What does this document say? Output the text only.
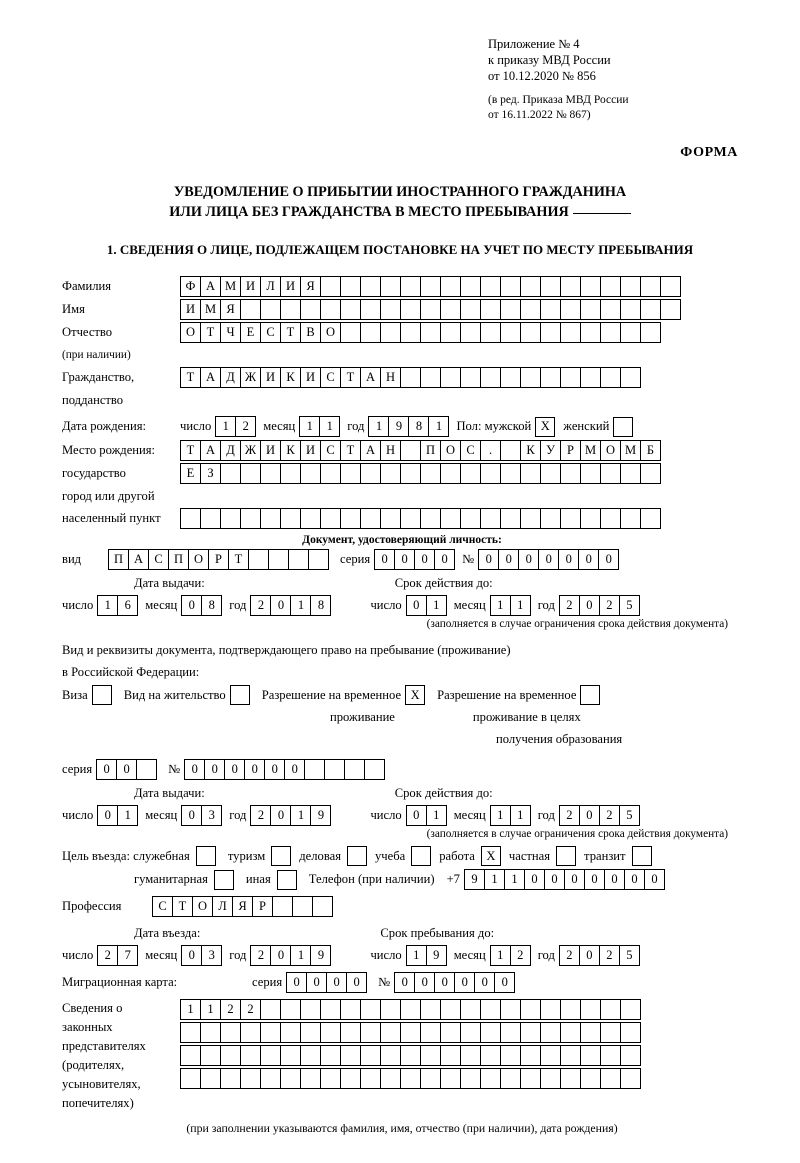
Приложение № 4
к приказу МВД России
от 10.12.2020 № 856
(в ред. Приказа МВД России
от 16.11.2022 № 867)
ФОРМА
УВЕДОМЛЕНИЕ О ПРИБЫТИИ ИНОСТРАННОГО ГРАЖДАНИНА
ИЛИ ЛИЦА БЕЗ ГРАЖДАНСТВА В МЕСТО ПРЕБЫВАНИЯ
1. СВЕДЕНИЯ О ЛИЦЕ, ПОДЛЕЖАЩЕМ ПОСТАНОВКЕ НА УЧЕТ ПО МЕСТУ ПРЕБЫВАНИЯ
Фамилия	Ф А М И Л И Я
Имя	И М Я
Отчество	О Т Ч Е С Т В О
(при наличии)
Гражданство,	Т А Д Ж И К И С Т А Н
подданство
Дата рождения:	число 1	2	месяц 1	1	год 1	9	8	1	Пол: мужской X	женский
Место рождения:	Т А Д Ж И К И С Т А Н	П О С	.	К У Р М О М Б
государство	Е	З
город или другой
населенный пункт
Документ, удостоверяющий личность:
вид	П А С П О Р	Т	серия 0	0	0	0	№ 0	0	0	0	0	0	0
Дата выдачи:	Срок действия до:
число 1	6	месяц 0	8	год 2	0	1	8	число 0	1	месяц 1	1	год 2	0	2	5
(заполняется в случае ограничения срока действия документа)
Вид и реквизиты документа, подтверждающего право на пребывание (проживание)
в Российской Федерации:
Виза	Вид на жительство	Разрешение на временное X	Разрешение на временное
проживание	проживание в целях
получения образования
серия 0	0	№ 0	0	0	0	0	0
Дата выдачи:	Срок действия до:
число 0	1	месяц 0	3	год 2	0	1	9	число 0	1	месяц 1	1	год 2	0	2	5
(заполняется в случае ограничения срока действия документа)
Цель въезда: служебная	туризм	деловая	учеба	работа X	частная	транзит
гуманитарная	иная	Телефон (при наличии) +7 9	1	1	0	0	0	0	0	0	0
Профессия	С Т О Л Я Р
Дата въезда:	Срок пребывания до:
число 2	7	месяц 0	3	год 2	0	1	9	число 1	9	месяц 1	2	год 2	0	2	5
Миграционная карта:	серия 0	0	0	0	№ 0	0	0	0	0	0
Сведения о
законных
представителях
(родителях,
усыновителях,
попечителях)
1	1	2	2
(при заполнении указываются фамилия, имя, отчество (при наличии), дата рождения)
